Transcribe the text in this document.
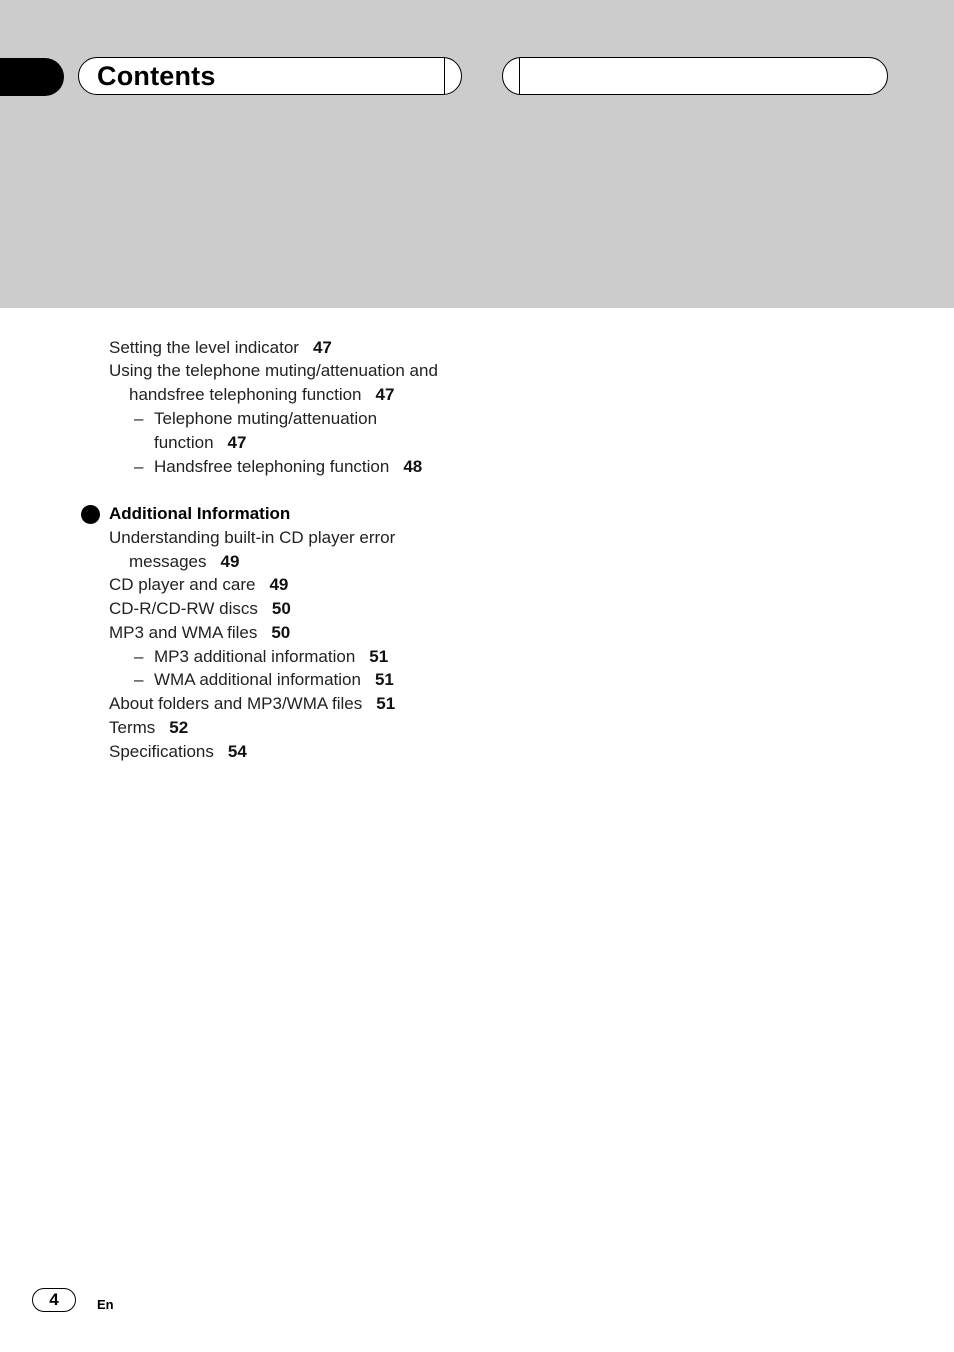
Contents
Setting the level indicator 47
Using the telephone muting/attenuation and
handsfree telephoning function 47
– Telephone muting/attenuation
function 47
– Handsfree telephoning function 48
Additional Information
Understanding built-in CD player error
messages 49
CD player and care 49
CD-R/CD-RW discs 50
MP3 and WMA files 50
– MP3 additional information 51
– WMA additional information 51
About folders and MP3/WMA files 51
Terms 52
Specifications 54
4	En
